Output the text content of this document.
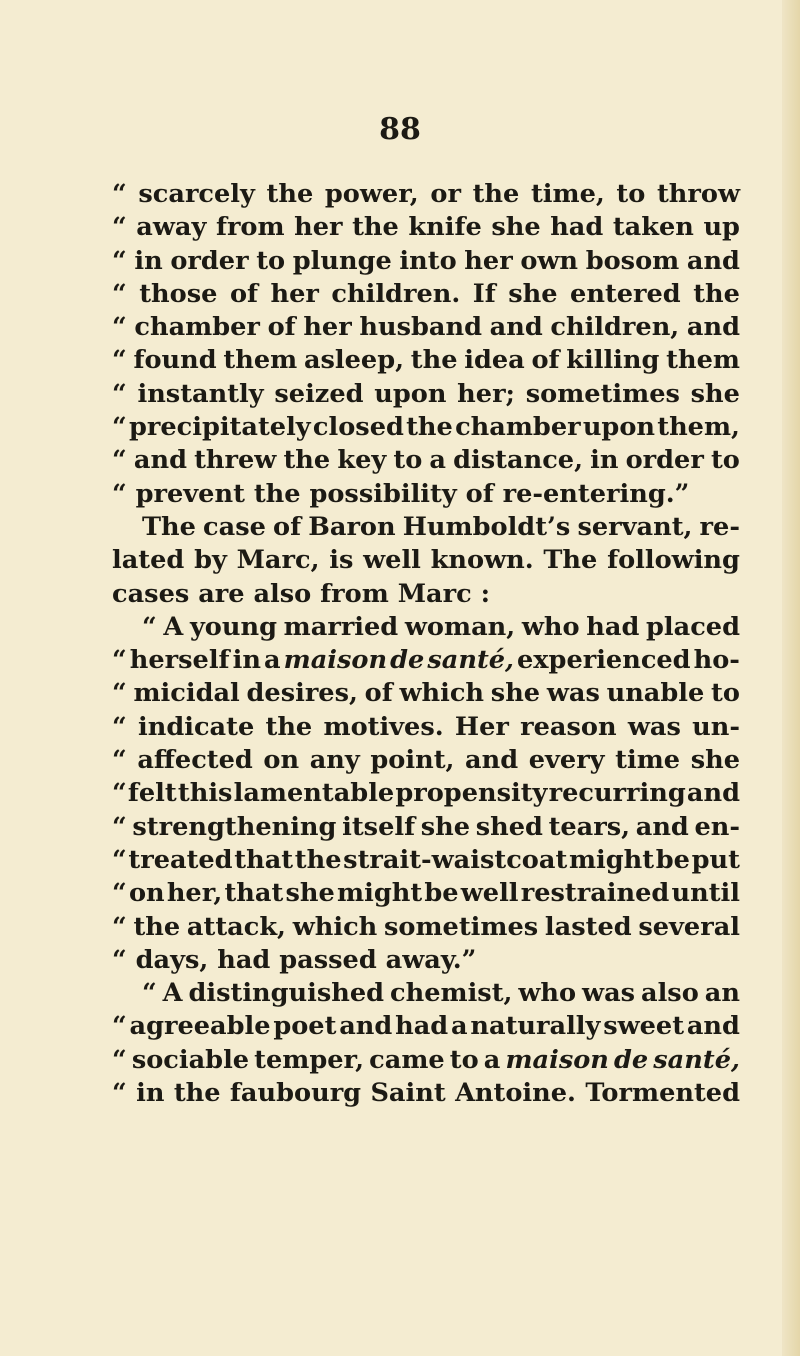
88
“ scarcely the power, or the time, to throw
“ away from her the knife she had taken up
“ in order to plunge into her own bosom and
“ those of her children. If she entered the
“ chamber of her husband and children, and
“ found them asleep, the idea of killing them
“ instantly seized upon her; sometimes she
“ precipitately closed the chamber upon them,
“ and threw the key to a distance, in order to
“ prevent the possibility of re-entering.”
The case of Baron Humboldt’s servant, re-
lated by Marc, is well known. The following
cases are also from Marc :
“ A young married woman, who had placed
“ herself in a maison de santé, experienced ho-
“ micidal desires, of which she was unable to
“ indicate the motives. Her reason was un-
“ affected on any point, and every time she
“ felt this lamentable propensity recurring and
“ strengthening itself she shed tears, and en-
“ treated that the strait-waistcoat might be put
“ on her, that she might be well restrained until
“ the attack, which sometimes lasted several
“ days, had passed away.”
“ A distinguished chemist, who was also an
“ agreeable poet and had a naturally sweet and
“ sociable temper, came to a maison de santé,
“ in the faubourg Saint Antoine. Tormented
